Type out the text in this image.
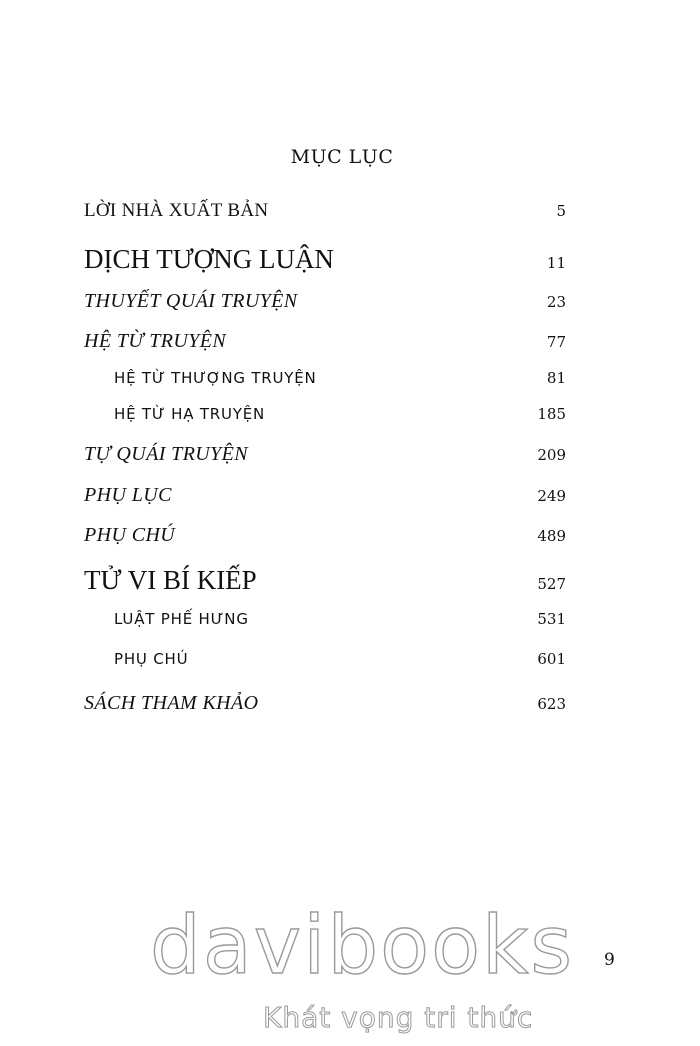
MỤC LỤC
LỜI NHÀ XUẤT BẢN	5
DỊCH TƯỢNG LUẬN	11
THUYẾT QUÁI TRUYỆN	23
HỆ TỪ TRUYỆN	77
HỆ TỪ THƯỢNG TRUYỆN	81
HỆ TỪ HẠ TRUYỆN	185
TỰ QUÁI TRUYỆN	209
PHỤ LỤC	249
PHỤ CHÚ	489
TỬ VI BÍ KIẾP	527
LUẬT PHẾ HƯNG	531
PHỤ CHÚ	601
SÁCH THAM KHẢO	623
9
davibooks
Khát vọng tri thức
